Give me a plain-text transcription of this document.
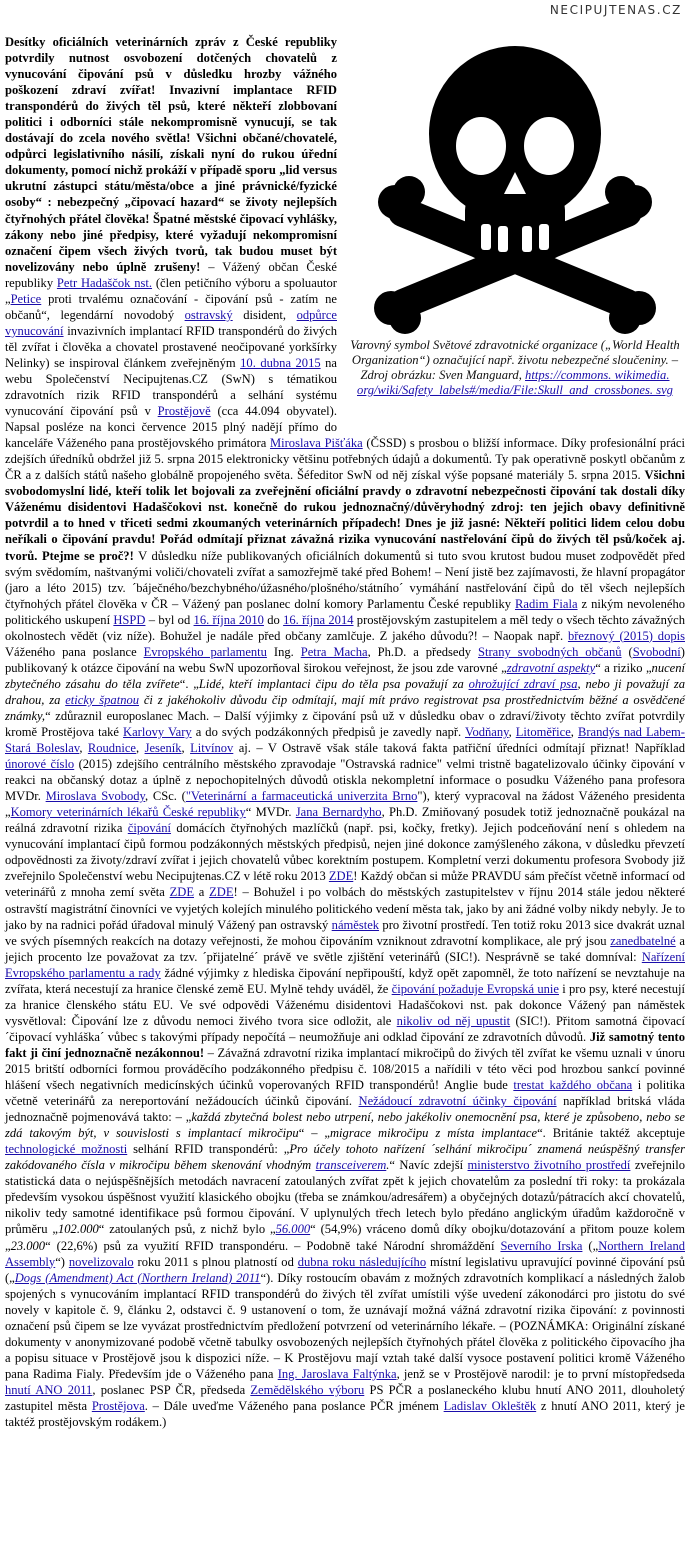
NECIPUJTENAS.CZ
Varovný symbol Světové zdravotnické organizace („World Health Organization“) označující např. životu nebezpečné sloučeniny. – Zdroj obrázku: Sven Manguard, https://commons. wikimedia. org/wiki/Safety_labels#/media/File:Skull_and_crossbones. svg
Desítky oficiálních veterinárních zpráv z České republiky potvrdily nutnost osvobození dotčených chovatelů z vynucování čipování psů v důsledku hrozby vážného poškození zdraví zvířat! Invazivní implantace RFID transpondérů do živých těl psů, které někteří zlobbovaní politici i odborníci stále nekompromisně vynucují, se tak dostávají do zcela nového světla! Všichni občané/chovatelé, odpůrci legislativního násilí, získali nyní do rukou úřední dokumenty, pomocí nichž prokáží v případě sporu „lid versus ukrutní zástupci státu/města/obce a jiné právnické/fyzické osoby“ : nebezpečný „čipovací hazard“ se životy nejlepších čtyřnohých přátel člověka! Špatné městské čipovací vyhlášky, zákony nebo jiné předpisy, které vyžadují nekompromisní označení čipem všech živých tvorů, tak budou muset být novelizovány nebo úplně zrušeny! – Vážený občan České republiky Petr Hadaščok nst. (člen petičního výboru a spoluautor „Petice proti trvalému označování - čipování psů - zatím ne občanů“, legendární novodobý ostravský disident, odpůrce vynucování invazivních implantací RFID transpondérů do živých těl zvířat i člověka a chovatel prostavené neočipované yorkšírky Nelinky) se inspiroval článkem zveřejněným 10. dubna 2015 na webu Společenství Necipujtenas.CZ (SwN) s tématikou zdravotních rizik RFID transpondérů a selhání systému vynucování čipování psů v Prostějově (cca 44.094 obyvatel). Napsal posléze na konci července 2015 plný nadějí přímo do kanceláře Váženého pana prostějovského primátora Miroslava Pišťáka (ČSSD) s prosbou o bližší informace. Díky profesionální práci zdejších úředníků obdržel již 5. srpna 2015 elektronicky většinu potřebných údajů a dokumentů. Ty pak operativně poskytl občanům z ČR a z dalších států našeho globálně propojeného světa. Šéfeditor SwN od něj získal výše popsané materiály 5. srpna 2015. Všichni svobodomyslní lidé, kteří tolik let bojovali za zveřejnění oficiální pravdy o zdravotní nebezpečnosti čipování tak dostali díky Váženému disidentovi Hadaščokovi nst. konečně do rukou jednoznačný/důvěryhodný zdroj: ten jejich obavy definitivně potvrdil a to hned v třiceti sedmi zkoumaných veterinárních případech! Dnes je již jasné: Někteří politici lidem celou dobu neříkali o čipování pravdu! Pořád odmítají přiznat závažná rizika vynucování nastřelování čipů do živých těl psů/koček aj. tvorů. Ptejme se proč?! V důsledku níže publikovaných oficiálních dokumentů si tuto svou krutost budou muset zodpovědět před svým svědomím, naštvanými voliči/chovateli zvířat a samozřejmě také před Bohem! – Není jistě bez zajímavosti, že hlavní propagátor (jaro a léto 2015) tzv. ´báječného/bezchybného/úžasného/plošného/státního´ vymáhání nastřelování čipů do těl všech nejlepších čtyřnohých přátel člověka v ČR – Vážený pan poslanec dolní komory Parlamentu České republiky Radim Fiala z nikým nevoleného politického uskupení HSPD – byl od 16. října 2010 do 16. října 2014 prostějovským zastupitelem a měl tedy o všech těchto závažných okolnostech vědět (viz níže). Bohužel je nadále před občany zamlčuje. Z jakého důvodu?! – Naopak např. březnový (2015) dopis Váženého pana poslance Evropského parlamentu Ing. Petra Macha, Ph.D. a předsedy Strany svobodných občanů (Svobodní) publikovaný k otázce čipování na webu SwN upozorňoval širokou veřejnost, že jsou zde varovné „zdravotní aspekty“ a riziko „nucení zbytečného zásahu do těla zvířete“. „Lidé, kteří implantaci čipu do těla psa považují za ohrožující zdraví psa, nebo ji považují za drahou, za eticky špatnou či z jakéhokoliv důvodu čip odmítají, mají mít právo registrovat psa prostřednictvím běžné a osvědčené známky,“ zdůraznil europoslanec Mach. – Další výjimky z čipování psů už v důsledku obav o zdraví/životy těchto zvířat potvrdily kromě Prostějova také Karlovy Vary a do svých podzákonných předpisů je zavedly např. Vodňany, Litoměřice, Brandýs nad Labem-Stará Boleslav, Roudnice, Jeseník, Litvínov aj. – V Ostravě však stále taková fakta patřiční úředníci odmítají přiznat! Například únorové číslo (2015) zdejšího centrálního městského zpravodaje "Ostravská radnice" velmi tristně bagatelizovalo účinky čipování v reakci na občanský dotaz a úplně z nepochopitelných důvodů otiskla nekompletní informace o posudku Váženého pana profesora MVDr. Miroslava Svobody, CSc. ("Veterinární a farmaceutická univerzita Brno"), který vypracoval na žádost Váženého presidenta „Komory veterinárních lékařů České republiky“ MVDr. Jana Bernardyho, Ph.D. Zmiňovaný posudek totiž jednoznačně poukázal na reálná zdravotní rizika čipování domácích čtyřnohých mazlíčků (např. psi, kočky, fretky). Jejich podceňování není s ohledem na vynucování implantací čipů formou podzákonných městských předpisů, nejen jiné dokonce zamýšleného zákona, v důsledku převzetí odpovědnosti za životy/zdraví zvířat i jejich chovatelů vůbec korektním postupem. Kompletní verzi dokumentu profesora Svobody již zveřejnilo Společenství webu Necipujtenas.CZ v létě roku 2013 ZDE! Každý občan si může PRAVDU sám přečíst včetně informací od veterinářů z mnoha zemí světa ZDE a ZDE! – Bohužel i po volbách do městských zastupitelstev v říjnu 2014 stále jedou některé ostravští magistrátní činovníci ve vyjetých kolejích minulého politického vedení města tak, jako by ani žádné volby nikdy nebyly. Je to jako by na radnici pořád úřadoval minulý Vážený pan ostravský náměstek pro životní prostředí. Ten totiž roku 2013 sice dvakrát uznal ve svých písemných reakcích na dotazy veřejnosti, že mohou čipováním vzniknout zdravotní komplikace, ale prý jsou zanedbatelné a jejich procento lze považovat za tzv. ´přijatelné´ právě ve světle zjištění veterinářů (SIC!). Nesprávně se také domníval: Nařízení Evropského parlamentu a rady žádné výjimky z hlediska čipování nepřipouští, když opět zapomněl, že toto nařízení se nevztahuje na zvířata, která necestují za hranice členské země EU. Mylně tehdy uváděl, že čipování požaduje Evropská unie i pro psy, které necestují za hranice členského státu EU. Ve své odpovědi Váženému disidentovi Hadaščokovi nst. pak dokonce Vážený pan náměstek vysvětloval: Čipování lze z důvodu nemoci živého tvora sice odložit, ale nikoliv od něj upustit (SIC!). Přitom samotná čipovací ´čipovací vyhláška´ vůbec s takovými případy nepočítá – neumožňuje ani odklad čipování ze zdravotních důvodů. Již samotný tento fakt ji činí jednoznačně nezákonnou! – Závažná zdravotní rizika implantací mikročipů do živých těl zvířat ke všemu uznali v únoru 2015 britští odborníci formou prováděcího podzákonného předpisu č. 108/2015 a nařídili v této věci pod hrozbou sankcí povinné hlášení všech negativních medicínských účinků voperovaných RFID transpondérů! Anglie bude trestat každého občana i politika včetně veterinářů za nereportování nežádoucích účinků čipování. Nežádoucí zdravotní účinky čipování například britská vláda jednoznačně pojmenovává takto: – „každá zbytečná bolest nebo utrpení, nebo jakékoliv onemocnění psa, které je způsobeno, nebo se zdá takovým být, v souvislosti s implantací mikročipu“ – „migrace mikročipu z místa implantace“. Británie taktéž akceptuje technologické možnosti selhání RFID transpondérů: „Pro účely tohoto nařízení ´selhání mikročipu´ znamená neúspěšný transfer zakódovaného čísla v mikročipu během skenování vhodným transceiverem.“ Navíc zdejší ministerstvo životního prostředí zveřejnilo statistická data o nejúspěšnějších metodách navracení zatoulaných zvířat zpět k jejich chovatelům za poslední tři roky: ta prokázala především vysokou úspěšnost využití klasického obojku (třeba se známkou/adresářem) a obyčejných dotazů/pátracích akcí chovatelů, nikoliv tedy samotné identifikace psů formou čipování. V uplynulých třech letech bylo předáno anglickým úřadům každoročně v průměru „102.000“ zatoulaných psů, z nichž bylo „56.000“ (54,9%) vráceno domů díky obojku/dotazování a přitom pouze kolem „23.000“ (22,6%) psů za využití RFID transpondéru. – Podobně také Národní shromáždění Severního Irska („Northern Ireland Assembly“) novelizovalo roku 2011 s plnou platností od dubna roku následujícího místní legislativu upravující povinné čipování psů („Dogs (Amendment) Act (Northern Ireland) 2011“). Díky rostoucím obavám z možných zdravotních komplikací a následných žalob spojených s vynucováním implantací RFID transpondérů do živých těl zvířat umístili výše uvedení zákonodárci pro jistotu do své novely v kapitole č. 9, článku 2, odstavci č. 9 ustanovení o tom, že uznávají možná vážná zdravotní rizika čipování: z povinnosti označení psů čipem se lze vyvázat prostřednictvím předložení potvrzení od veterinárního lékaře. – (POZNÁMKA: Originální získané dokumenty v anonymizované podobě včetně tabulky osvobozených nejlepších čtyřnohých přátel člověka z politického čipovacího jha a popisu situace v Prostějově jsou k dispozici níže. – K Prostějovu mají vztah také další vysoce postavení politici kromě Váženého pana Radima Fialy. Především jde o Váženého pana Ing. Jaroslava Faltýnka, jenž se v Prostějově narodil: je to první místopředseda hnutí ANO 2011, poslanec PSP ČR, předseda Zemědělského výboru PS PČR a poslaneckého klubu hnutí ANO 2011, dlouholetý zastupitel města Prostějova. – Dále uveďme Váženého pana poslance PČR jménem Ladislav Okleštěk z hnutí ANO 2011, který je taktéž prostějovským rodákem.)
